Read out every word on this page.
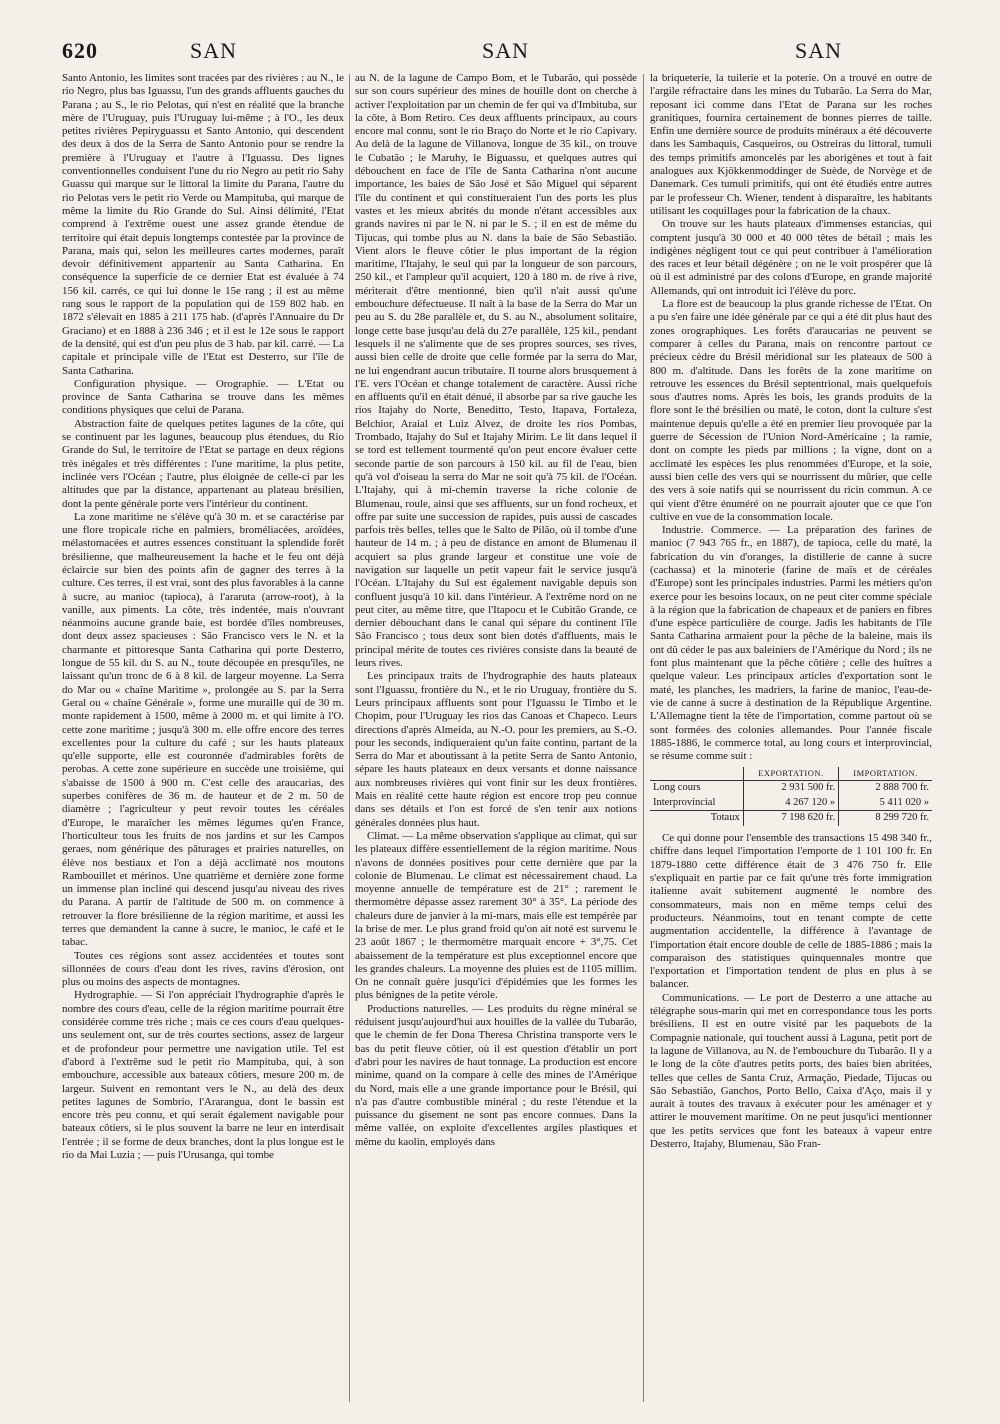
620	SAN	SAN	SAN

Santo Antonio, les limites sont tracées par des rivières : au N., le rio Negro, plus bas Iguassu, l'un des grands affluents gauches du Parana ; au S., le rio Pelotas, qui n'est en réalité que la branche mère de l'Uruguay, puis l'Uruguay lui-même ; à l'O., les deux petites rivières Pepiryguassu et Santo Antonio, qui descendent des deux à dos de la Serra de Santo Antonio pour se rendre la première à l'Uruguay et l'autre à l'Iguassu. Des lignes conventionnelles conduisent l'une du rio Negro au petit rio Sahy Guassu qui marque sur le littoral la limite du Parana, l'autre du rio Pelotas vers le petit rio Verde ou Mampituba, qui marque de même la limite du Rio Grande do Sul. Ainsi délimité, l'Etat comprend à l'extrême ouest une assez grande étendue de territoire qui était depuis longtemps contestée par la province de Parana, mais qui, selon les meilleures cartes modernes, paraît devoir définitivement appartenir au Santa Catharina. En conséquence la superficie de ce dernier Etat est évaluée à 74 156 kil. carrés, ce qui lui donne le 15e rang ; il est au même rang sous le rapport de la population qui de 159 802 hab. en 1872 s'élevait en 1885 à 211 175 hab. (d'après l'Annuaire du Dr Graciano) et en 1888 à 236 346 ; et il est le 12e sous le rapport de la densité, qui est d'un peu plus de 3 hab. par kil. carré. — La capitale et principale ville de l'Etat est Desterro, sur l'île de Santa Catharina.

Configuration physique. — Orographie. — L'Etat ou province de Santa Catharina se trouve dans les mêmes conditions physiques que celui de Parana.

Abstraction faite de quelques petites lagunes de la côte, qui se continuent par les lagunes, beaucoup plus étendues, du Rio Grande do Sul, le territoire de l'Etat se partage en deux régions très inégales et très différentes : l'une maritime, la plus petite, inclinée vers l'Océan ; l'autre, plus éloignée de celle-ci par les altitudes que par la distance, appartenant au plateau brésilien, dont la pente générale porte vers l'intérieur du continent.

La zone maritime ne s'élève qu'à 30 m. et se caractérise par une flore tropicale riche en palmiers, broméliacées, aroïdées, mélastomacées et autres essences constituant la splendide forêt brésilienne, que malheureusement la hache et le feu ont déjà éclaircie sur bien des points afin de gagner des terres à la culture. Ces terres, il est vrai, sont des plus favorables à la canne à sucre, au manioc (tapioca), à l'araruta (arrow-root), à la vanille, aux piments. La côte, très indentée, mais n'ouvrant néanmoins aucune grande baie, est bordée d'îles nombreuses, dont deux assez spacieuses : São Francisco vers le N. et la charmante et pittoresque Santa Catharina qui porte Desterro, longue de 55 kil. du S. au N., toute découpée en presqu'îles, ne laissant qu'un tronc de 6 à 8 kil. de largeur moyenne. La Serra do Mar ou « chaîne Maritime », prolongée au S. par la Serra Geral ou « chaîne Générale », forme une muraille qui de 30 m. monte rapidement à 1500, même à 2000 m. et qui limite à l'O. cette zone maritime ; jusqu'à 300 m. elle offre encore des terres excellentes pour la culture du café ; sur les hauts plateaux qu'elle supporte, elle est couronnée d'admirables forêts de perobas. A cette zone supérieure en succède une troisième, qui s'abaisse de 1500 à 900 m. C'est celle des araucarias, des superbes conifères de 36 m. de hauteur et de 2 m. 50 de diamètre ; l'agriculteur y peut revoir toutes les céréales d'Europe, le maraîcher les mêmes légumes qu'en France, l'horticulteur tous les fruits de nos jardins et sur les Campos geraes, nom générique des pâturages et prairies naturelles, on élève nos bestiaux et l'on a déjà acclimaté nos moutons Rambouillet et mérinos. Une quatrième et dernière zone forme un immense plan incliné qui descend jusqu'au niveau des rives du Parana. A partir de l'altitude de 500 m. on commence à retrouver la flore brésilienne de la région maritime, et aussi les terres que demandent la canne à sucre, le manioc, le café et le tabac.

Toutes ces régions sont assez accidentées et toutes sont sillonnées de cours d'eau dont les rives, ravins d'érosion, ont plus ou moins des aspects de montagnes.

Hydrographie. — Si l'on appréciait l'hydrographie d'après le nombre des cours d'eau, celle de la région maritime pourrait être considérée comme très riche ; mais ce ces cours d'eau quelques-uns seulement ont, sur de très courtes sections, assez de largeur et de profondeur pour permettre une navigation utile. Tel est d'abord à l'extrême sud le petit rio Mampituba, qui, à son embouchure, accessible aux bateaux côtiers, mesure 200 m. de largeur. Suivent en remontant vers le N., au delà des deux petites lagunes de Sombrio, l'Ararangua, dont le bassin est encore très peu connu, et qui serait également navigable pour bateaux côtiers, si le plus souvent la barre ne leur en interdisait l'entrée ; il se forme de deux branches, dont la plus longue est le rio da Mai Luzia ; — puis l'Urusanga, qui tombe

au N. de la lagune de Campo Bom, et le Tubarão, qui possède sur son cours supérieur des mines de houille dont on cherche à activer l'exploitation par un chemin de fer qui va d'Imbituba, sur la côte, à Bom Retiro. Ces deux affluents principaux, au cours encore mal connu, sont le rio Braço do Norte et le rio Capivary. Au delà de la lagune de Villanova, longue de 35 kil., on trouve le Cubatão ; le Maruhy, le Biguassu, et quelques autres qui débouchent en face de l'île de Santa Catharina n'ont aucune importance, les baies de São José et São Miguel qui séparent l'île du continent et qui constitueraient l'un des ports les plus vastes et les mieux abrités du monde n'étant accessibles aux grands navires ni par le N. ni par le S. ; il en est de même du Tijucas, qui tombe plus au N. dans la baie de São Sebastião. Vient alors le fleuve côtier le plus important de la région maritime, l'Itajahy, le seul qui par la longueur de son parcours, 250 kil., et l'ampleur qu'il acquiert, 120 à 180 m. de rive à rive, mériterait d'être mentionné, bien qu'il n'ait aussi qu'une embouchure défectueuse. Il naît à la base de la Serra do Mar un peu au S. du 28e parallèle et, du S. au N., absolument solitaire, longe cette base jusqu'au delà du 27e parallèle, 125 kil., pendant lesquels il ne s'alimente que de ses propres sources, ses rives, aussi bien celle de droite que celle formée par la serra do Mar, ne lui engendrant aucun tributaire. Il tourne alors brusquement à l'E. vers l'Océan et change totalement de caractère. Aussi riche en affluents qu'il en était dénué, il absorbe par sa rive gauche les rios Itajahy do Norte, Beneditto, Testo, Itapava, Fortaleza, Belchior, Araial et Luiz Alvez, de droite les rios Pombas, Trombado, Itajahy do Sul et Itajahy Mirim. Le lit dans lequel il se tord est tellement tourmenté qu'on peut encore évaluer cette seconde partie de son parcours à 150 kil. au fil de l'eau, bien qu'à vol d'oiseau la serra do Mar ne soit qu'à 75 kil. de l'Océan. L'Itajahy, qui à mi-chemin traverse la riche colonie de Blumenau, roule, ainsi que ses affluents, sur un fond rocheux, et offre par suite une succession de rapides, puis aussi de cascades parfois très belles, telles que le Salto de Pilão, où il tombe d'une hauteur de 14 m. ; à peu de distance en amont de Blumenau il acquiert sa plus grande largeur et constitue une voie de navigation sur laquelle un petit vapeur fait le service jusqu'à l'Océan. L'Itajahy du Sul est également navigable depuis son confluent jusqu'à 10 kil. dans l'intérieur. A l'extrême nord on ne peut citer, au même titre, que l'Itapocu et le Cubitão Grande, ce dernier débouchant dans le canal qui sépare du continent l'île São Francisco ; tous deux sont bien dotés d'affluents, mais le principal mérite de toutes ces rivières consiste dans la beauté de leurs rives.

Les principaux traits de l'hydrographie des hauts plateaux sont l'Iguassu, frontière du N., et le rio Uruguay, frontière du S. Leurs principaux affluents sont pour l'Iguassu le Timbo et le Chopim, pour l'Uruguay les rios das Canoas et Chapeco. Leurs directions d'après Almeida, au N.-O. pour les premiers, au S.-O. pour les seconds, indiqueraient qu'un faite continu, partant de la Serra do Mar et aboutissant à la petite Serra de Santo Antonio, sépare les hauts plateaux en deux versants et donne naissance aux nombreuses rivières qui vont finir sur les deux frontières. Mais en réalité cette haute région est encore trop peu connue dans ses détails et l'on est forcé de s'en tenir aux notions générales données plus haut.

Climat. — La même observation s'applique au climat, qui sur les plateaux diffère essentiellement de la région maritime. Nous n'avons de données positives pour cette dernière que par la colonie de Blumenau. Le climat est nécessairement chaud. La moyenne annuelle de température est de 21° ; rarement le thermomètre dépasse assez rarement 30° à 35°. La période des chaleurs dure de janvier à la mi-mars, mais elle est tempérée par la brise de mer. Le plus grand froid qu'on ait noté est survenu le 23 août 1867 ; le thermomètre marquait encore + 3°,75. Cet abaissement de la température est plus exceptionnel encore que les grandes chaleurs. La moyenne des pluies est de 1105 millim. On ne connaît guère jusqu'ici d'épidémies que les formes les plus bénignes de la petite vérole.

Productions naturelles. — Les produits du règne minéral se réduisent jusqu'aujourd'hui aux houilles de la vallée du Tubarão, que le chemin de fer Dona Theresa Christina transporte vers le bas du petit fleuve côtier, où il est question d'établir un port d'abri pour les navires de haut tonnage. La production est encore minime, quand on la compare à celle des mines de l'Amérique du Nord, mais elle a une grande importance pour le Brésil, qui n'a pas d'autre combustible minéral ; du reste l'étendue et la puissance du gisement ne sont pas encore connues. Dans la même vallée, on exploite d'excellentes argiles plastiques et même du kaolin, employés dans

la briqueterie, la tuilerie et la poterie. On a trouvé en outre de l'argile réfractaire dans les mines du Tubarão. La Serra do Mar, reposant ici comme dans l'Etat de Parana sur les roches granitiques, fournira certainement de bonnes pierres de taille. Enfin une dernière source de produits minéraux a été découverte dans les Sambaquis, Casqueiros, ou Ostreiras du littoral, tumuli des temps primitifs amoncelés par les aborigènes et tout à fait analogues aux Kjökkenmoddinger de Suède, de Norvège et de Danemark. Ces tumuli primitifs, qui ont été étudiés entre autres par le professeur Ch. Wiener, tendent à disparaître, les habitants utilisant les coquillages pour la fabrication de la chaux.

On trouve sur les hauts plateaux d'immenses estancias, qui comptent jusqu'à 30 000 et 40 000 têtes de bétail ; mais les indigènes négligent tout ce qui peut contribuer à l'amélioration des races et leur bétail dégénère ; on ne le voit prospérer que là où il est administré par des colons d'Europe, en grande majorité Allemands, qui ont introduit ici l'élève du porc.

La flore est de beaucoup la plus grande richesse de l'Etat. On a pu s'en faire une idée générale par ce qui a été dit plus haut des zones orographiques. Les forêts d'araucarias ne peuvent se comparer à celles du Parana, mais on rencontre partout ce précieux cèdre du Brésil méridional sur les plateaux de 500 à 800 m. d'altitude. Dans les forêts de la zone maritime on retrouve les essences du Brésil septentrional, mais quelquefois sous d'autres noms. Après les bois, les grands produits de la flore sont le thé brésilien ou maté, le coton, dont la culture s'est maintenue depuis qu'elle a été en premier lieu provoquée par la guerre de Sécession de l'Union Nord-Américaine ; la ramie, dont on compte les pieds par millions ; la vigne, dont on a acclimaté les espèces les plus renommées d'Europe, et la soie, aussi bien celle des vers qui se nourrissent du mûrier, que celle des vers à soie natifs qui se nourrissent du ricin commun. A ce qui vient d'être énuméré on ne pourrait ajouter que ce que l'on cultive en vue de la consommation locale.

Industrie. Commerce. — La préparation des farines de manioc (7 943 765 fr., en 1887), de tapioca, celle du maté, la fabrication du vin d'oranges, la distillerie de canne à sucre (cachassa) et la minoterie (farine de maïs et de céréales d'Europe) sont les principales industries. Parmi les métiers qu'on exerce pour les besoins locaux, on ne peut citer comme spéciale à la région que la fabrication de chapeaux et de paniers en fibres d'une espèce particulière de courge. Jadis les habitants de l'île Santa Catharina armaient pour la pêche de la baleine, mais ils ont dû céder le pas aux baleiniers de l'Amérique du Nord ; ils ne font plus maintenant que la pêche côtière ; celle des huîtres a quelque valeur. Les principaux articles d'exportation sont le maté, les planches, les madriers, la farine de manioc, l'eau-de-vie de canne à sucre à destination de la République Argentine. L'Allemagne tient la tête de l'importation, comme partout où se sont formées des colonies allemandes. Pour l'année fiscale 1885-1886, le commerce total, au long cours et interprovincial, se résume comme suit :

	EXPORTATION.	IMPORTATION.
Long cours	2 931 500 fr.	2 888 700 fr.
Interprovincial	4 267 120 »	5 411 020 »
Totaux	7 198 620 fr.	8 299 720 fr.

Ce qui donne pour l'ensemble des transactions 15 498 340 fr., chiffre dans lequel l'importation l'emporte de 1 101 100 fr. En 1879-1880 cette différence était de 3 476 750 fr. Elle s'expliquait en partie par ce fait qu'une très forte immigration italienne avait subitement augmenté le nombre des consommateurs, mais non en même temps celui des producteurs. Néanmoins, tout en tenant compte de cette augmentation accidentelle, la différence à l'avantage de l'importation était encore double de celle de 1885-1886 ; mais la comparaison des statistiques quinquennales montre que l'exportation et l'importation tendent de plus en plus à se balancer.

Communications. — Le port de Desterro a une attache au télégraphe sous-marin qui met en correspondance tous les ports brésiliens. Il est en outre visité par les paquebots de la Compagnie nationale, qui touchent aussi à Laguna, petit port de la lagune de Villanova, au N. de l'embouchure du Tubarão. Il y a le long de la côte d'autres petits ports, des baies bien abritées, telles que celles de Santa Cruz, Armação, Piedade, Tijucas ou São Sebastião, Ganchos, Porto Bello, Caixa d'Aço, mais il y aurait à toutes des travaux à exécuter pour les aménager et y attirer le mouvement maritime. On ne peut jusqu'ici mentionner que les petits services que font les bateaux à vapeur entre Desterro, Itajahy, Blumenau, São Fran-
